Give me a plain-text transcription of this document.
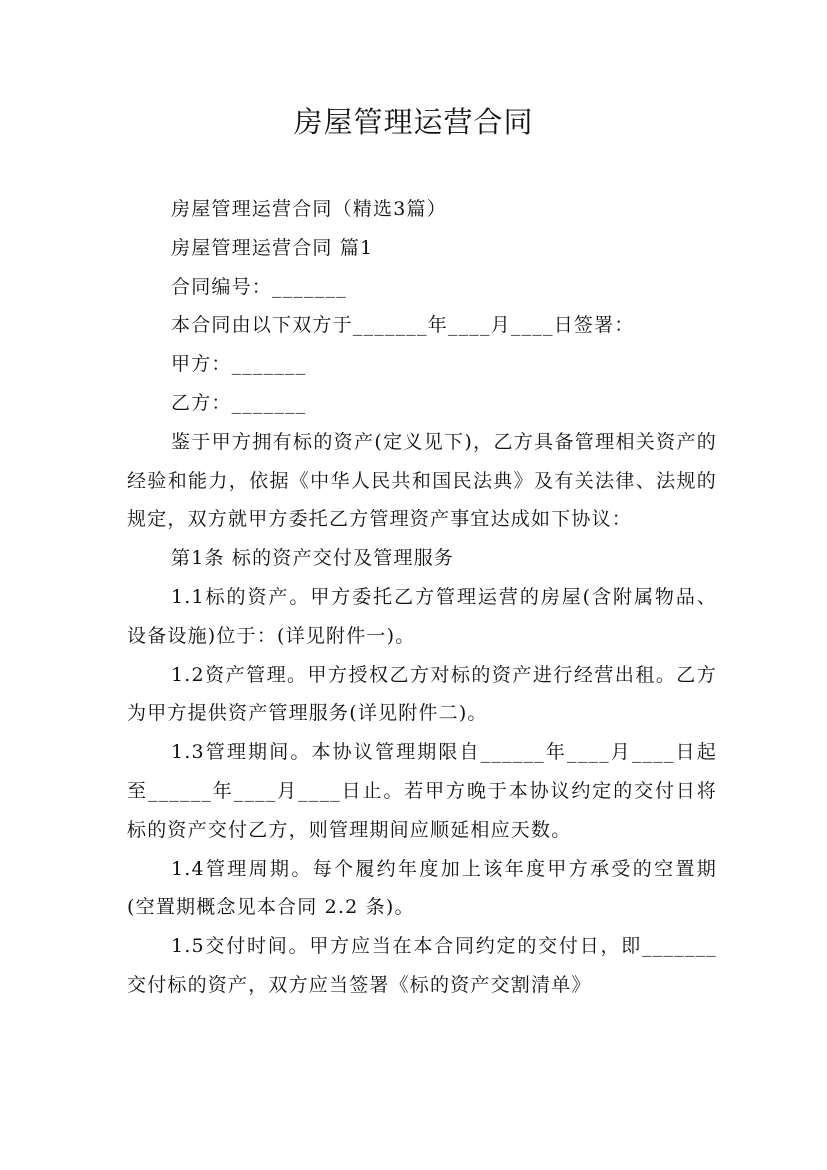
房屋管理运营合同

房屋管理运营合同（精选3篇）

房屋管理运营合同 篇1

合同编号：_______

本合同由以下双方于_______年____月____日签署：

甲方：_______

乙方：_______

鉴于甲方拥有标的资产(定义见下)，乙方具备管理相关资产的经验和能力，依据《中华人民共和国民法典》及有关法律、法规的规定，双方就甲方委托乙方管理资产事宜达成如下协议：

第1条 标的资产交付及管理服务

1.1标的资产。甲方委托乙方管理运营的房屋(含附属物品、设备设施)位于：(详见附件一)。

1.2资产管理。甲方授权乙方对标的资产进行经营出租。乙方为甲方提供资产管理服务(详见附件二)。

1.3管理期间。本协议管理期限自______年____月____日起至______年____月____日止。若甲方晚于本协议约定的交付日将标的资产交付乙方，则管理期间应顺延相应天数。

1.4管理周期。每个履约年度加上该年度甲方承受的空置期(空置期概念见本合同 2.2 条)。

1.5交付时间。甲方应当在本合同约定的交付日，即_______交付标的资产，双方应当签署《标的资产交割清单》
